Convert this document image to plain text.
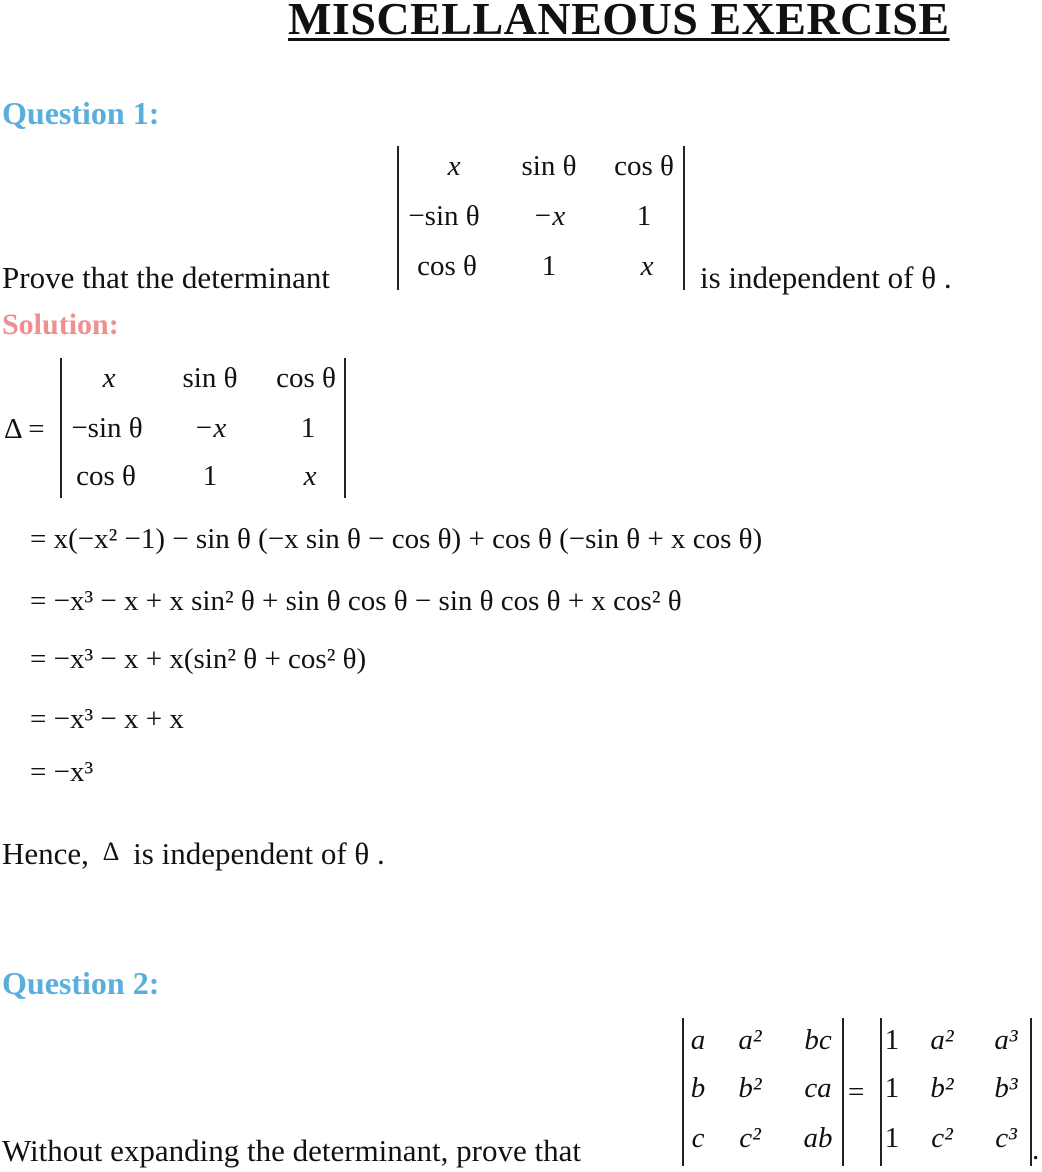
MISCELLANEOUS EXERCISE
Question 1:
Prove that the determinant
x	sin θ	cos θ
−sin θ	−x	1
cos θ	1	x	is independent of θ .
Solution:
Δ =
x	sin θ	cos θ
−sin θ	−x	1
cos θ	1	x
= x(−x² −1) − sin θ (−x sin θ − cos θ) + cos θ (−sin θ + x cos θ)
= −x³ − x + x sin² θ + sin θ cos θ − sin θ cos θ + x cos² θ
= −x³ − x + x(sin² θ + cos² θ)
= −x³ − x + x
= −x³
Hence, Δ is independent of θ .
Question 2:
Without expanding the determinant, prove that
a a² bc
b b² ca
c	c²	ab
=
1 a² a³
1 b² b³
1	c²	c³ .
